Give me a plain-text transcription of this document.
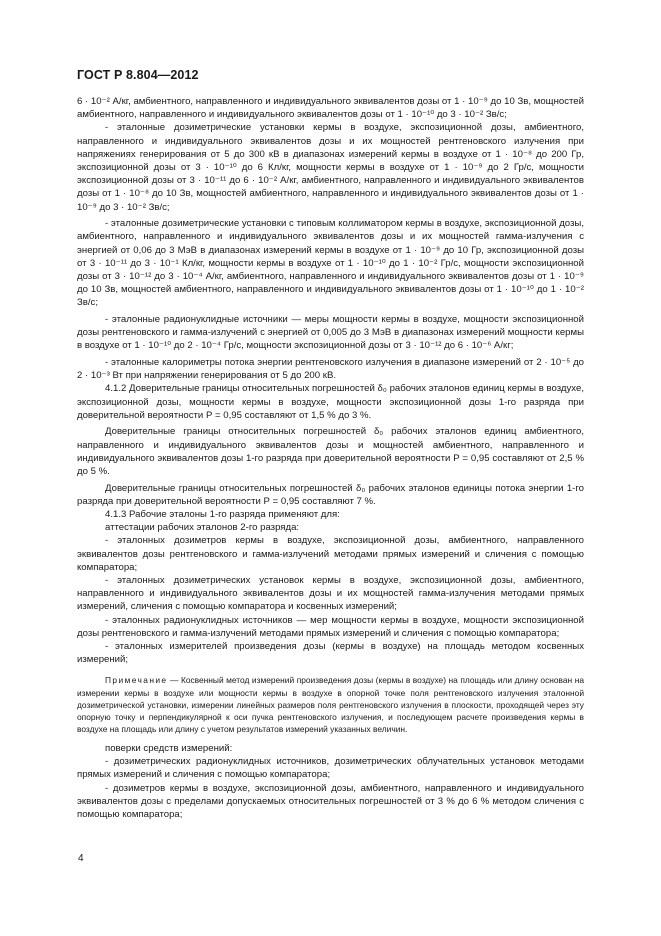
ГОСТ Р 8.804—2012

6 · 10⁻² А/кг, амбиентного, направленного и индивидуального эквивалентов дозы от 1 · 10⁻⁹ до 10 Зв, мощностей амбиентного, направленного и индивидуального эквивалентов дозы от 1 · 10⁻¹⁰ до 3 · 10⁻² Зв/с;

- эталонные дозиметрические установки кермы в воздухе, экспозиционной дозы, амбиентного, направленного и индивидуального эквивалентов дозы и их мощностей рентгеновского излучения при напряжениях генерирования от 5 до 300 кВ в диапазонах измерений кермы в воздухе от 1 · 10⁻⁸ до 200 Гр, экспозиционной дозы от 3 · 10⁻¹⁰ до 6 Кл/кг, мощности кермы в воздухе от 1 · 10⁻⁹ до 2 Гр/с, мощности экспозиционной дозы от 3 · 10⁻¹¹ до 6 · 10⁻² А/кг, амбиентного, направленного и индивидуального эквивалентов дозы от 1 · 10⁻⁸ до 10 Зв, мощностей амбиентного, направленного и индивидуального эквивалентов дозы от 1 · 10⁻⁹ до 3 · 10⁻² Зв/с;

- эталонные дозиметрические установки с типовым коллиматором кермы в воздухе, экспозиционной дозы, амбиентного, направленного и индивидуального эквивалентов дозы и их мощностей гамма-излучения с энергией от 0,06 до 3 МэВ в диапазонах измерений кермы в воздухе от 1 · 10⁻⁹ до 10 Гр, экспозиционной дозы от 3 · 10⁻¹¹ до 3 · 10⁻¹ Кл/кг, мощности кермы в воздухе от 1 · 10⁻¹⁰ до 1 · 10⁻² Гр/с, мощности экспозиционной дозы от 3 · 10⁻¹² до 3 · 10⁻⁴ А/кг, амбиентного, направленного и индивидуального эквивалентов дозы от 1 · 10⁻⁹ до 10 Зв, мощностей амбиентного, направленного и индивидуального эквивалентов дозы от 1 · 10⁻¹⁰ до 1 · 10⁻² Зв/с;

- эталонные радионуклидные источники — меры мощности кермы в воздухе, мощности экспозиционной дозы рентгеновского и гамма-излучений с энергией от 0,005 до 3 МэВ в диапазонах измерений мощности кермы в воздухе от 1 · 10⁻¹⁰ до 2 · 10⁻⁴ Гр/с, мощности экспозиционной дозы от 3 · 10⁻¹² до 6 · 10⁻⁶ А/кг;

- эталонные калориметры потока энергии рентгеновского излучения в диапазоне измерений от 2 · 10⁻⁵ до 2 · 10⁻³ Вт при напряжении генерирования от 5 до 200 кВ.

4.1.2 Доверительные границы относительных погрешностей δ₀ рабочих эталонов единиц кермы в воздухе, экспозиционной дозы, мощности кермы в воздухе, мощности экспозиционной дозы 1-го разряда при доверительной вероятности Р = 0,95 составляют от 1,5 % до 3 %.

Доверительные границы относительных погрешностей δ₀ рабочих эталонов единиц амбиентного, направленного и индивидуального эквивалентов дозы и мощностей амбиентного, направленного и индивидуального эквивалентов дозы 1-го разряда при доверительной вероятности Р = 0,95 составляют от 2,5 % до 5 %.

Доверительные границы относительных погрешностей δ₀ рабочих эталонов единицы потока энергии 1-го разряда при доверительной вероятности Р = 0,95 составляют 7 %.

4.1.3 Рабочие эталоны 1-го разряда применяют для:

аттестации рабочих эталонов 2-го разряда:

- эталонных дозиметров кермы в воздухе, экспозиционной дозы, амбиентного, направленного эквивалентов дозы рентгеновского и гамма-излучений методами прямых измерений и сличения с помощью компаратора;

- эталонных дозиметрических установок кермы в воздухе, экспозиционной дозы, амбиентного, направленного и индивидуального эквивалентов дозы и их мощностей гамма-излучения методами прямых измерений, сличения с помощью компаратора и косвенных измерений;

- эталонных радионуклидных источников — мер мощности кермы в воздухе, мощности экспозиционной дозы рентгеновского и гамма-излучений методами прямых измерений и сличения с помощью компаратора;

- эталонных измерителей произведения дозы (кермы в воздухе) на площадь методом косвенных измерений;

Примечание — Косвенный метод измерений произведения дозы (кермы в воздухе) на площадь или длину основан на измерении кермы в воздухе или мощности кермы в воздухе в опорной точке поля рентгеновского излучения эталонной дозиметрической установки, измерении линейных размеров поля рентгеновского излучения в плоскости, проходящей через эту опорную точку и перпендикулярной к оси пучка рентгеновского излучения, и последующем расчете произведения кермы в воздухе на площадь или длину с учетом результатов измерений указанных величин.

поверки средств измерений:

- дозиметрических радионуклидных источников, дозиметрических облучательных установок методами прямых измерений и сличения с помощью компаратора;

- дозиметров кермы в воздухе, экспозиционной дозы, амбиентного, направленного и индивидуального эквивалентов дозы с пределами допускаемых относительных погрешностей от 3 % до 6 % методом сличения с помощью компаратора;

4
